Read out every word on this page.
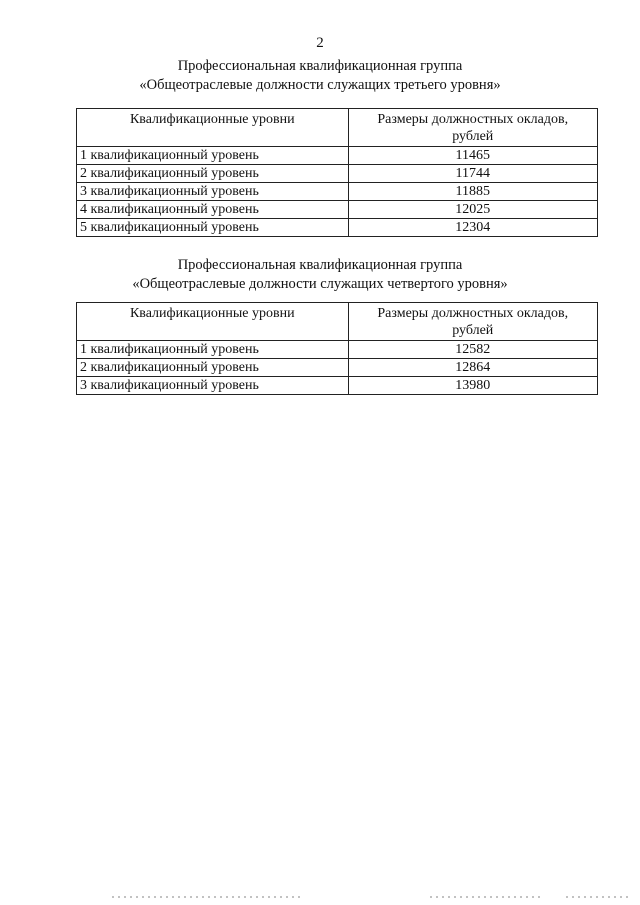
2
Профессиональная квалификационная группа
«Общеотраслевые должности служащих третьего уровня»
Квалификационные уровни	Размеры должностных окладов,
рублей

1 квалификационный уровень	11465
2 квалификационный уровень	11744
3 квалификационный уровень	11885
4 квалификационный уровень	12025
5 квалификационный уровень	12304
Профессиональная квалификационная группа
«Общеотраслевые должности служащих четвертого уровня»
Квалификационные уровни	Размеры должностных окладов,
рублей

1 квалификационный уровень	12582
2 квалификационный уровень	12864
3 квалификационный уровень	13980
